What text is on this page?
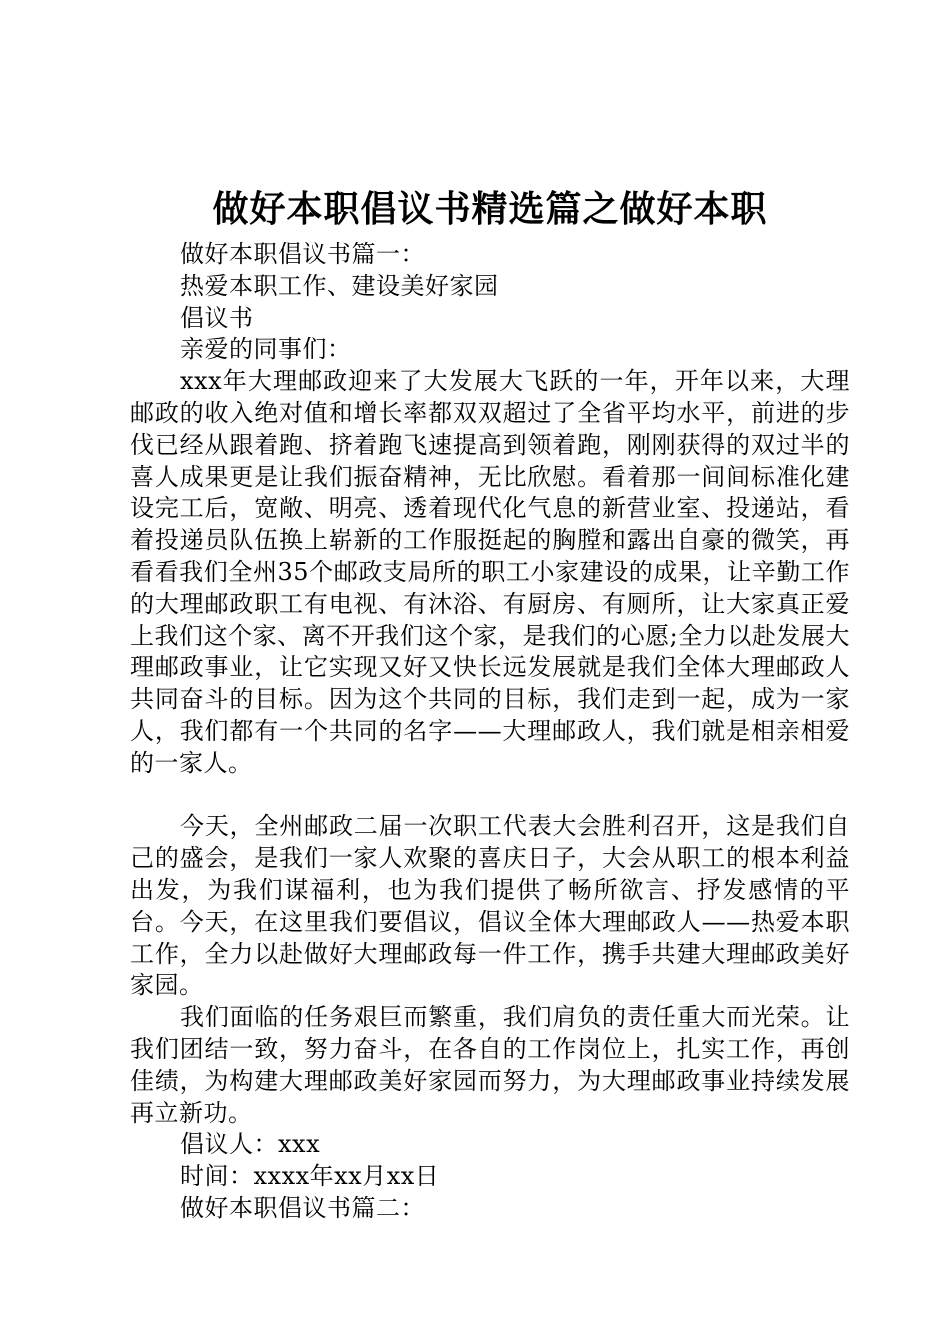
做好本职倡议书精选篇之做好本职

做好本职倡议书篇一：

热爱本职工作、建设美好家园

倡议书

亲爱的同事们：

xxx年大理邮政迎来了大发展大飞跃的一年，开年以来，大理邮政的收入绝对值和增长率都双双超过了全省平均水平，前进的步伐已经从跟着跑、挤着跑飞速提高到领着跑，刚刚获得的双过半的喜人成果更是让我们振奋精神，无比欣慰。看着那一间间标准化建设完工后，宽敞、明亮、透着现代化气息的新营业室、投递站，看着投递员队伍换上崭新的工作服挺起的胸膛和露出自豪的微笑，再看看我们全州35个邮政支局所的职工小家建设的成果，让辛勤工作的大理邮政职工有电视、有沐浴、有厨房、有厕所，让大家真正爱上我们这个家、离不开我们这个家，是我们的心愿;全力以赴发展大理邮政事业，让它实现又好又快长远发展就是我们全体大理邮政人共同奋斗的目标。因为这个共同的目标，我们走到一起，成为一家人，我们都有一个共同的名字——大理邮政人，我们就是相亲相爱的一家人。

今天，全州邮政二届一次职工代表大会胜利召开，这是我们自己的盛会，是我们一家人欢聚的喜庆日子，大会从职工的根本利益出发，为我们谋福利，也为我们提供了畅所欲言、抒发感情的平台。今天，在这里我们要倡议，倡议全体大理邮政人——热爱本职工作，全力以赴做好大理邮政每一件工作，携手共建大理邮政美好家园。

我们面临的任务艰巨而繁重，我们肩负的责任重大而光荣。让我们团结一致，努力奋斗，在各自的工作岗位上，扎实工作，再创佳绩，为构建大理邮政美好家园而努力，为大理邮政事业持续发展再立新功。

倡议人：xxx

时间：xxxx年xx月xx日

做好本职倡议书篇二：
